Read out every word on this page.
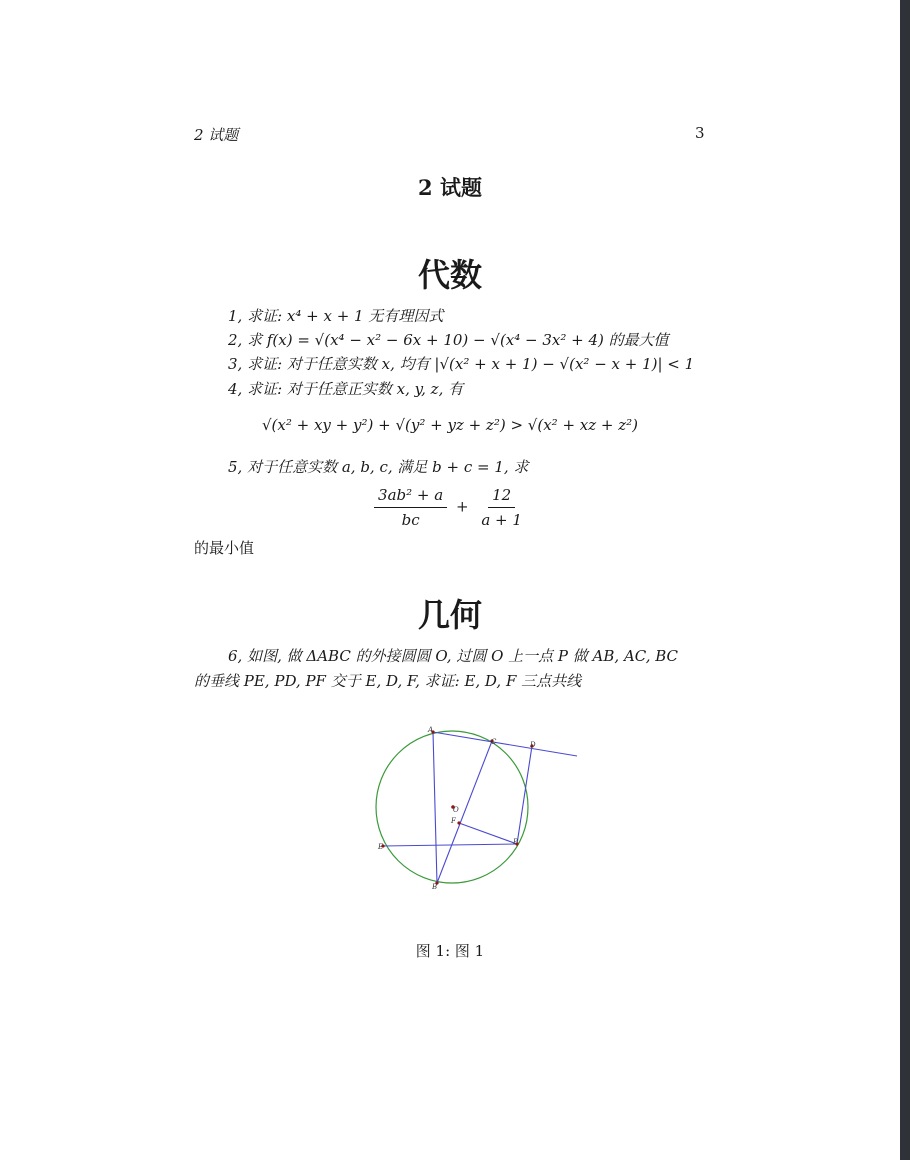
2 试题	3
2 试题
代数
1, 求证: x⁴ + x + 1 无有理因式
2, 求 f(x) = √(x⁴ − x² − 6x + 10) − √(x⁴ − 3x² + 4) 的最大值
3, 求证: 对于任意实数 x, 均有 |√(x² + x + 1) − √(x² − x + 1)| < 1
4, 求证: 对于任意正实数 x, y, z, 有
√(x² + xy + y²) + √(y² + yz + z²) > √(x² + xz + z²)
5, 对于任意实数 a, b, c, 满足 b + c = 1, 求
$\frac{\text{3ab² + a}}{bc} + \frac{12}{a + 1}$
的最小值
几何
6, 如图, 做 ΔABC 的外接圆圆 O, 过圆 O 上一点 P 做 AB, AC, BC
的垂线 PE, PD, PF 交于 E, D, F, 求证: E, D, F 三点共线
A
B
C	D
E
F
O
P
图 1: 图 1
